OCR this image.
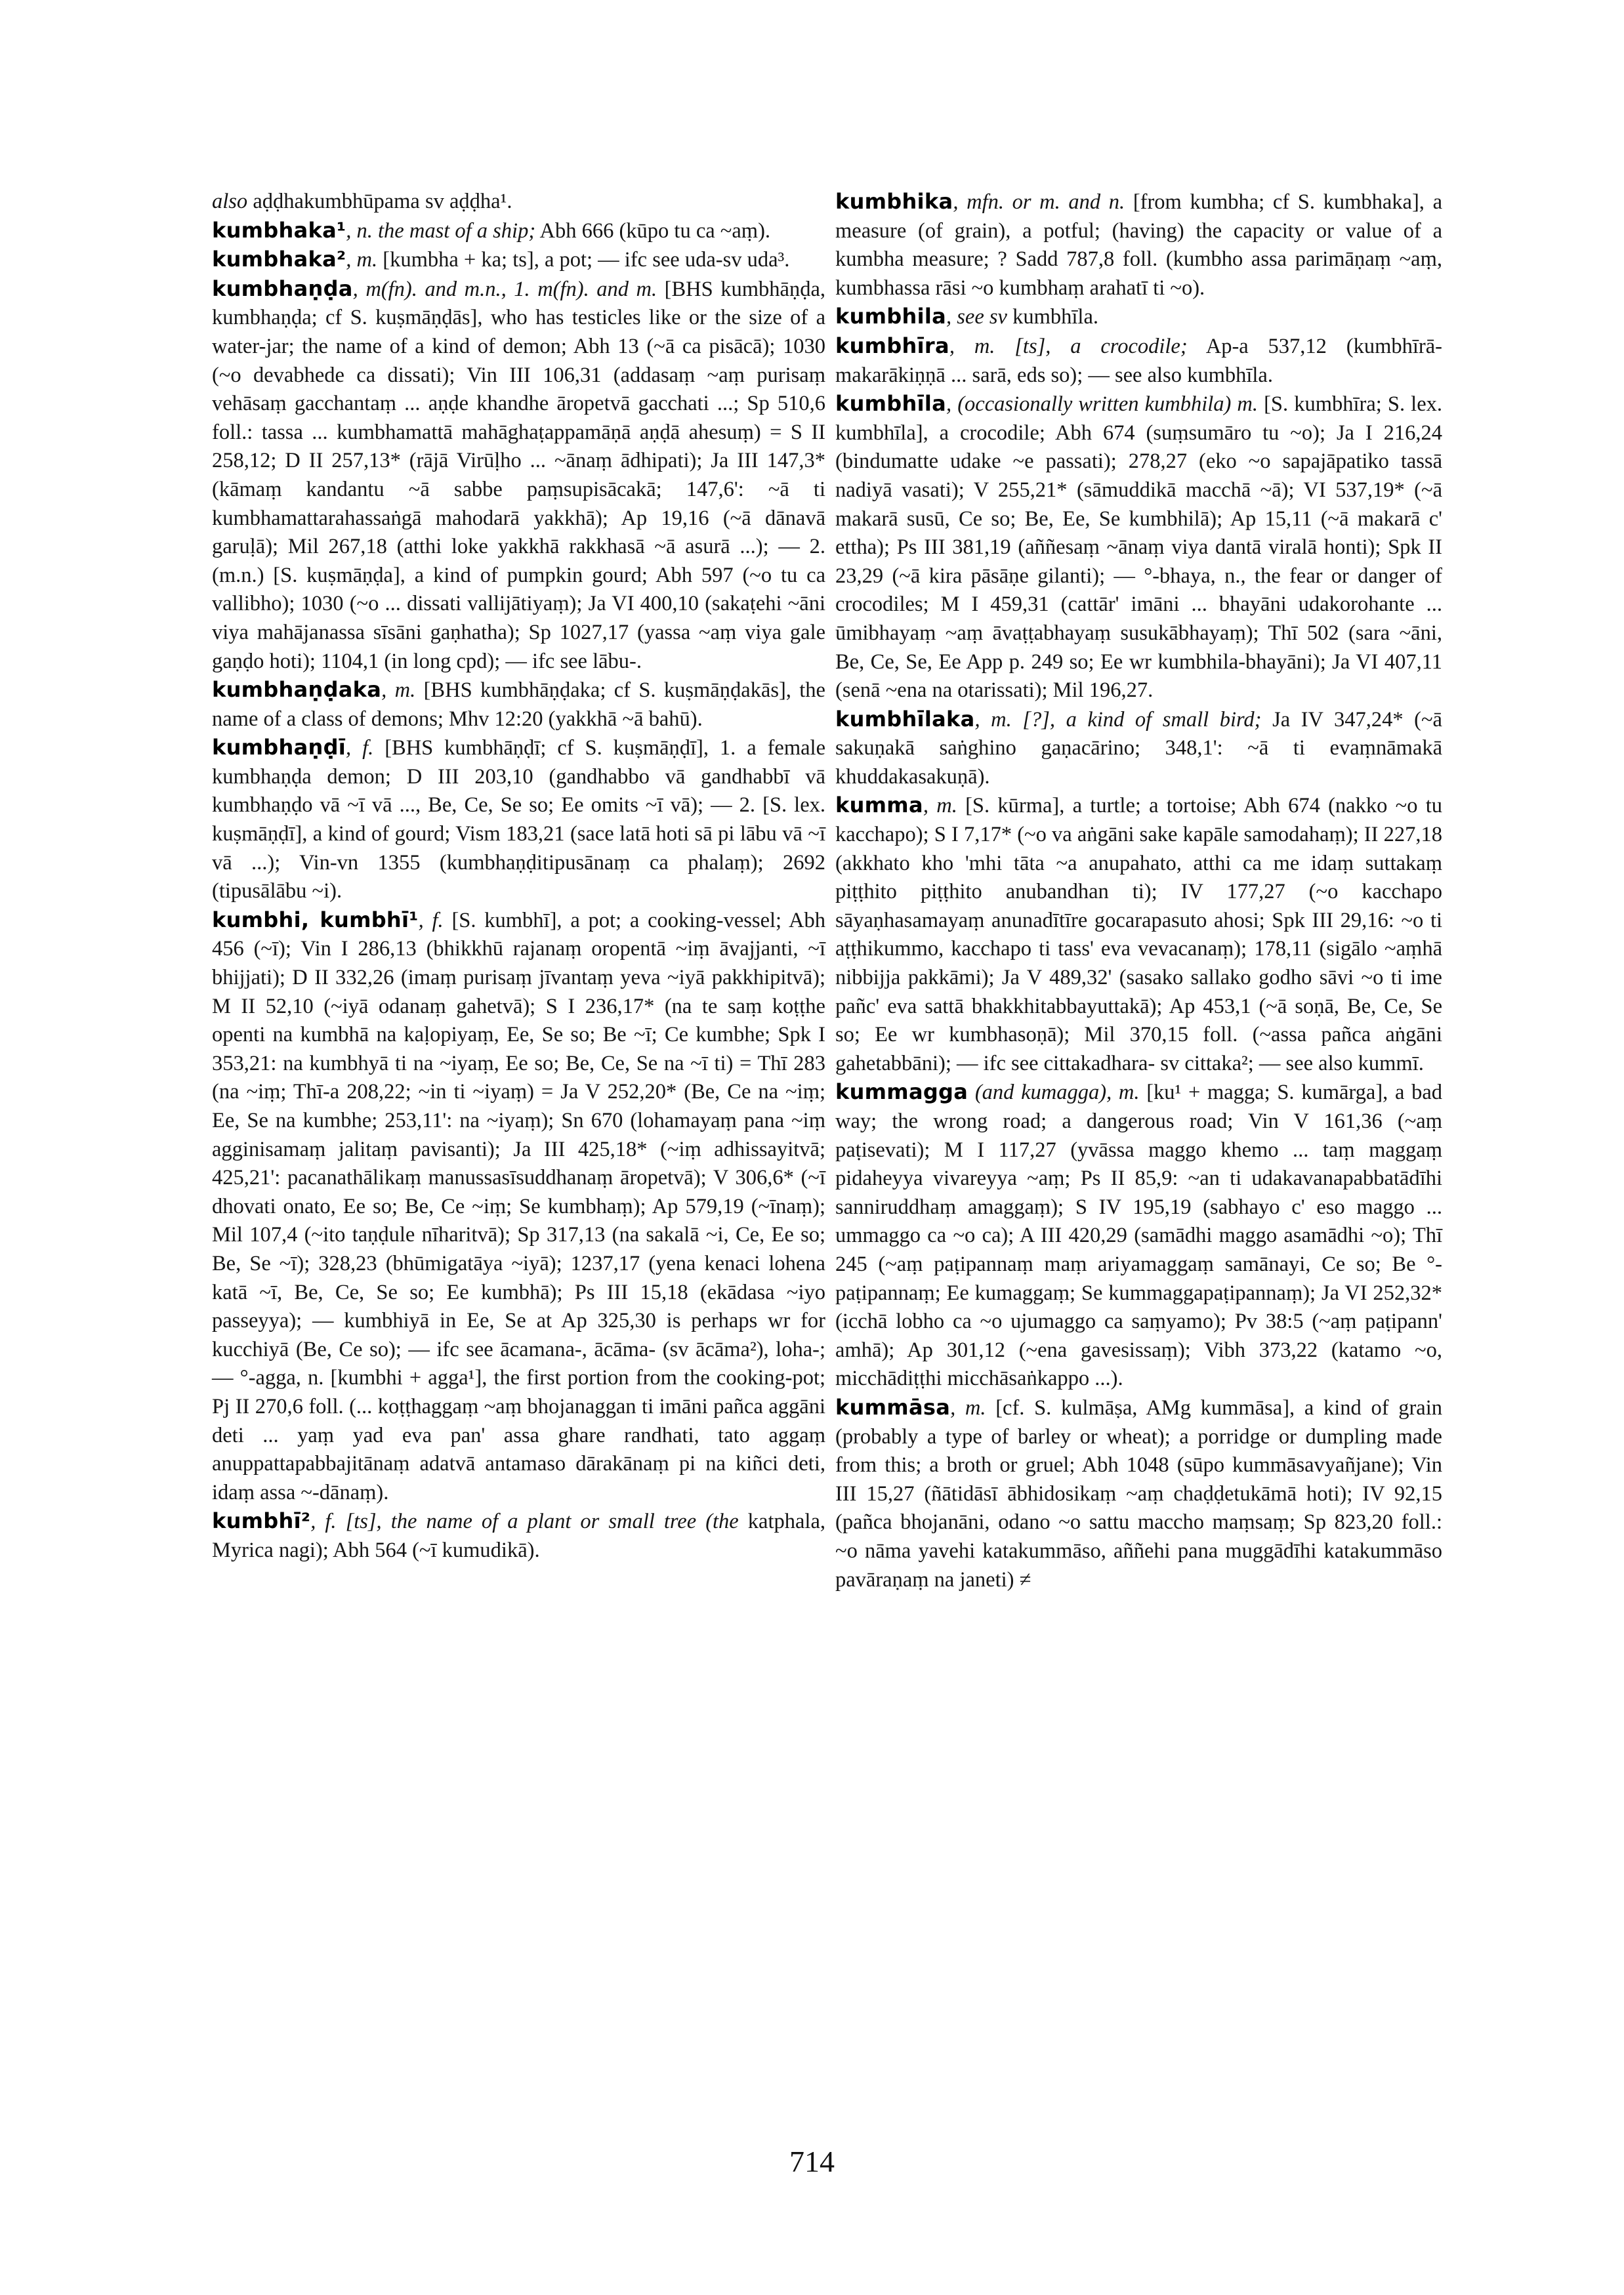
also aḍḍhakumbhūpama sv aḍḍha¹.

kumbhaka¹, n. the mast of a ship; Abh 666 (kūpo tu ca ~aṃ).

kumbhaka², m. [kumbha + ka; ts], a pot; — ifc see uda-sv uda³.

kumbhaṇḍa, m(fn). and m.n., 1. m(fn). and m. [BHS kumbhāṇḍa, kumbhaṇḍa; cf S. kuṣmāṇḍās], who has testicles like or the size of a water-jar; the name of a kind of demon; Abh 13 (~ā ca pisācā); 1030 (~o devabhede ca dissati); Vin III 106,31 (addasaṃ ~aṃ purisaṃ vehāsaṃ gacchantaṃ ... aṇḍe khandhe āropetvā gacchati ...; Sp 510,6 foll.: tassa ... kumbhamattā mahāghaṭappamāṇā aṇḍā ahesuṃ) = S II 258,12; D II 257,13* (rājā Virūḷho ... ~ānaṃ ādhipati); Ja III 147,3* (kāmaṃ kandantu ~ā sabbe paṃsupisācakā; 147,6': ~ā ti kumbhamattarahassaṅgā mahodarā yakkhā); Ap 19,16 (~ā dānavā garuḷā); Mil 267,18 (atthi loke yakkhā rakkhasā ~ā asurā ...); — 2. (m.n.) [S. kuṣmāṇḍa], a kind of pumpkin gourd; Abh 597 (~o tu ca vallibho); 1030 (~o ... dissati vallijātiyaṃ); Ja VI 400,10 (sakaṭehi ~āni viya mahājanassa sīsāni gaṇhatha); Sp 1027,17 (yassa ~aṃ viya gale gaṇḍo hoti); 1104,1 (in long cpd); — ifc see lābu-.

kumbhaṇḍaka, m. [BHS kumbhāṇḍaka; cf S. kuṣmāṇḍakās], the name of a class of demons; Mhv 12:20 (yakkhā ~ā bahū).

kumbhaṇḍī, f. [BHS kumbhāṇḍī; cf S. kuṣmāṇḍī], 1. a female kumbhaṇḍa demon; D III 203,10 (gandhabbo vā gandhabbī vā kumbhaṇḍo vā ~ī vā ..., Be, Ce, Se so; Ee omits ~ī vā); — 2. [S. lex. kuṣmāṇḍī], a kind of gourd; Vism 183,21 (sace latā hoti sā pi lābu vā ~ī vā ...); Vin-vn 1355 (kumbhaṇḍitipusānaṃ ca phalaṃ); 2692 (tipusālābu ~i).

kumbhi, kumbhī¹, f. [S. kumbhī], a pot; a cooking-vessel; Abh 456 (~ī); Vin I 286,13 (bhikkhū rajanaṃ oropentā ~iṃ āvajjanti, ~ī bhijjati); D II 332,26 (imaṃ purisaṃ jīvantaṃ yeva ~iyā pakkhipitvā); M II 52,10 (~iyā odanaṃ gahetvā); S I 236,17* (na te saṃ koṭṭhe openti na kumbhā na kaḷopiyaṃ, Ee, Se so; Be ~ī; Ce kumbhe; Spk I 353,21: na kumbhyā ti na ~iyaṃ, Ee so; Be, Ce, Se na ~ī ti) = Thī 283 (na ~iṃ; Thī-a 208,22; ~in ti ~iyaṃ) = Ja V 252,20* (Be, Ce na ~iṃ; Ee, Se na kumbhe; 253,11': na ~iyaṃ); Sn 670 (lohamayaṃ pana ~iṃ agginisamaṃ jalitaṃ pavisanti); Ja III 425,18* (~iṃ adhissayitvā; 425,21': pacanathālikaṃ manussasīsuddhanaṃ āropetvā); V 306,6* (~ī dhovati onato, Ee so; Be, Ce ~iṃ; Se kumbhaṃ); Ap 579,19 (~īnaṃ); Mil 107,4 (~ito taṇḍule nīharitvā); Sp 317,13 (na sakalā ~i, Ce, Ee so; Be, Se ~ī); 328,23 (bhūmigatāya ~iyā); 1237,17 (yena kenaci lohena katā ~ī, Be, Ce, Se so; Ee kumbhā); Ps III 15,18 (ekādasa ~iyo passeyya); — kumbhiyā in Ee, Se at Ap 325,30 is perhaps wr for kucchiyā (Be, Ce so); — ifc see ācamana-, ācāma- (sv ācāma²), loha-; — °-agga, n. [kumbhi + agga¹], the first portion from the cooking-pot; Pj II 270,6 foll. (... koṭṭhaggaṃ ~aṃ bhojanaggan ti imāni pañca aggāni deti ... yaṃ yad eva pan' assa ghare randhati, tato aggaṃ anuppattapabbajitānaṃ adatvā antamaso dārakānaṃ pi na kiñci deti, idaṃ assa ~-dānaṃ).

kumbhī², f. [ts], the name of a plant or small tree (the katphala, Myrica nagi); Abh 564 (~ī kumudikā).

kumbhika, mfn. or m. and n. [from kumbha; cf S. kumbhaka], a measure (of grain), a potful; (having) the capacity or value of a kumbha measure; ? Sadd 787,8 foll. (kumbho assa parimāṇaṃ ~aṃ, kumbhassa rāsi ~o kumbhaṃ arahatī ti ~o).

kumbhila, see sv kumbhīla.

kumbhīra, m. [ts], a crocodile; Ap-a 537,12 (kumbhīrā-makarākiṇṇā ... sarā, eds so); — see also kumbhīla.

kumbhīla, (occasionally written kumbhila) m. [S. kumbhīra; S. lex. kumbhīla], a crocodile; Abh 674 (suṃsumāro tu ~o); Ja I 216,24 (bindumatte udake ~e passati); 278,27 (eko ~o sapajāpatiko tassā nadiyā vasati); V 255,21* (sāmuddikā macchā ~ā); VI 537,19* (~ā makarā susū, Ce so; Be, Ee, Se kumbhilā); Ap 15,11 (~ā makarā c' ettha); Ps III 381,19 (aññesaṃ ~ānaṃ viya dantā viralā honti); Spk II 23,29 (~ā kira pāsāṇe gilanti); — °-bhaya, n., the fear or danger of crocodiles; M I 459,31 (cattār' imāni ... bhayāni udakorohante ... ūmibhayaṃ ~aṃ āvaṭṭabhayaṃ susukābhayaṃ); Thī 502 (sara ~āni, Be, Ce, Se, Ee App p. 249 so; Ee wr kumbhila-bhayāni); Ja VI 407,11 (senā ~ena na otarissati); Mil 196,27.

kumbhīlaka, m. [?], a kind of small bird; Ja IV 347,24* (~ā sakuṇakā saṅghino gaṇacārino; 348,1': ~ā ti evaṃnāmakā khuddakasakuṇā).

kumma, m. [S. kūrma], a turtle; a tortoise; Abh 674 (nakko ~o tu kacchapo); S I 7,17* (~o va aṅgāni sake kapāle samodahaṃ); II 227,18 (akkhato kho 'mhi tāta ~a anupahato, atthi ca me idaṃ suttakaṃ piṭṭhito piṭṭhito anubandhan ti); IV 177,27 (~o kacchapo sāyaṇhasamayaṃ anunadītīre gocarapasuto ahosi; Spk III 29,16: ~o ti aṭṭhikummo, kacchapo ti tass' eva vevacanaṃ); 178,11 (sigālo ~aṃhā nibbijja pakkāmi); Ja V 489,32' (sasako sallako godho sāvi ~o ti ime pañc' eva sattā bhakkhitabbayuttakā); Ap 453,1 (~ā soṇā, Be, Ce, Se so; Ee wr kumbhasoṇā); Mil 370,15 foll. (~assa pañca aṅgāni gahetabbāni); — ifc see cittakadhara- sv cittaka²; — see also kummī.

kummagga (and kumagga), m. [ku¹ + magga; S. kumārga], a bad way; the wrong road; a dangerous road; Vin V 161,36 (~aṃ paṭisevati); M I 117,27 (yvāssa maggo khemo ... taṃ maggaṃ pidaheyya vivareyya ~aṃ; Ps II 85,9: ~an ti udakavanapabbatādīhi sanniruddhaṃ amaggaṃ); S IV 195,19 (sabhayo c' eso maggo ... ummaggo ca ~o ca); A III 420,29 (samādhi maggo asamādhi ~o); Thī 245 (~aṃ paṭipannaṃ maṃ ariyamaggaṃ samānayi, Ce so; Be °-paṭipannaṃ; Ee kumaggaṃ; Se kummaggapaṭipannaṃ); Ja VI 252,32* (icchā lobho ca ~o ujumaggo ca saṃyamo); Pv 38:5 (~aṃ paṭipann' amhā); Ap 301,12 (~ena gavesissaṃ); Vibh 373,22 (katamo ~o, micchādiṭṭhi micchāsaṅkappo ...).

kummāsa, m. [cf. S. kulmāṣa, AMg kummāsa], a kind of grain (probably a type of barley or wheat); a porridge or dumpling made from this; a broth or gruel; Abh 1048 (sūpo kummāsavyañjane); Vin III 15,27 (ñātidāsī ābhidosikaṃ ~aṃ chaḍḍetukāmā hoti); IV 92,15 (pañca bhojanāni, odano ~o sattu maccho maṃsaṃ; Sp 823,20 foll.: ~o nāma yavehi katakummāso, aññehi pana muggādīhi katakummāso pavāraṇaṃ na janeti) ≠

714
